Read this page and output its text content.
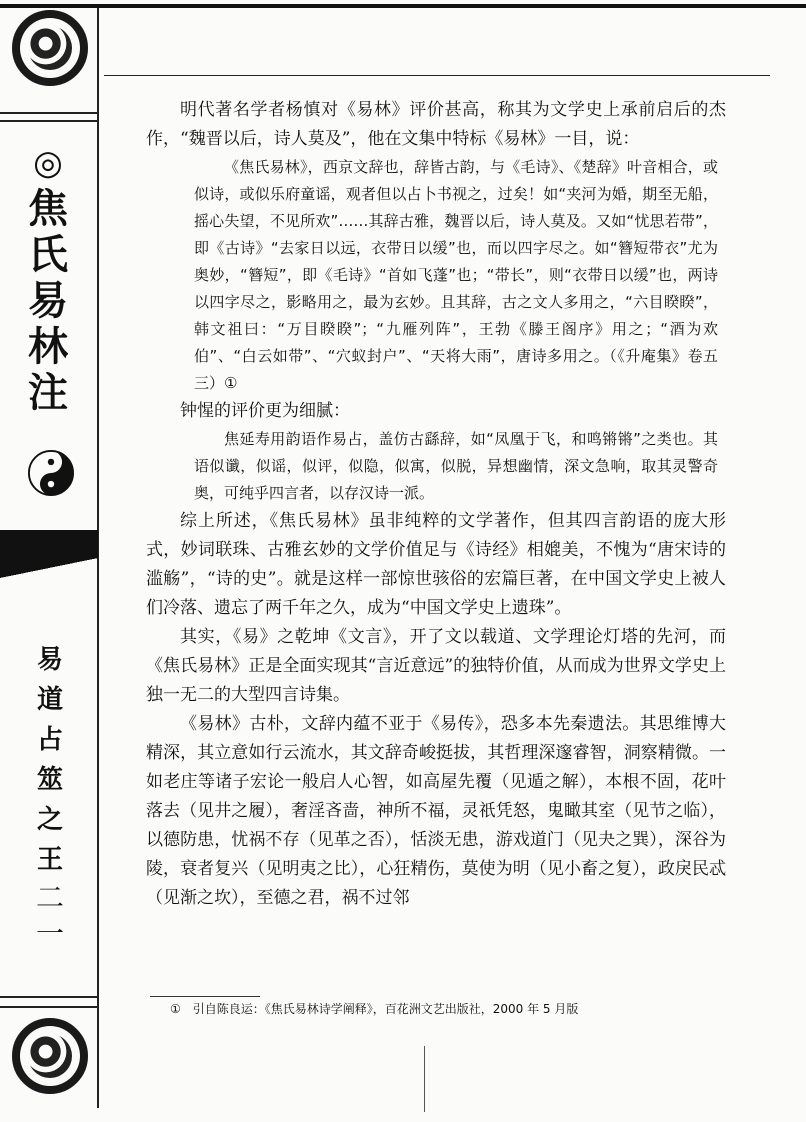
◎
焦
氏
易
林
注
易
道
占
筮
之
王
二一

明代著名学者杨慎对《易林》评价甚高，称其为文学史上承前启后的杰作，“魏晋以后，诗人莫及”，他在文集中特标《易林》一目，说：

《焦氏易林》，西京文辞也，辞皆古韵，与《毛诗》、《楚辞》叶音相合，或似诗，或似乐府童谣，观者但以占卜书视之，过矣！如“夹河为婚，期至无船，摇心失望，不见所欢”……其辞古雅，魏晋以后，诗人莫及。又如“忧思若带”，即《古诗》“去家日以远，衣带日以缓”也，而以四字尽之。如“簪短带衣”尤为奥妙，“簪短”，即《毛诗》“首如飞蓬”也；“带长”，则“衣带日以缓”也，两诗以四字尽之，影略用之，最为玄妙。且其辞，古之文人多用之，“六目睽睽”，韩文祖曰：“万目睽睽”；“九雁列阵”，王勃《滕王阁序》用之；“酒为欢伯”、“白云如带”、“穴蚁封户”、“天将大雨”，唐诗多用之。（《升庵集》卷五三）①

钟惺的评价更为细腻：

焦延寿用韵语作易占，盖仿古繇辞，如“凤凰于飞，和鸣锵锵”之类也。其语似谶，似谣，似评，似隐，似寓，似脱，异想幽情，深文急响，取其灵警奇奥，可纯乎四言者，以存汉诗一派。

综上所述，《焦氏易林》虽非纯粹的文学著作，但其四言韵语的庞大形式，妙词联珠、古雅玄妙的文学价值足与《诗经》相媲美，不愧为“唐宋诗的滥觞”，“诗的史”。就是这样一部惊世骇俗的宏篇巨著，在中国文学史上被人们冷落、遗忘了两千年之久，成为“中国文学史上遗珠”。

其实，《易》之乾坤《文言》，开了文以载道、文学理论灯塔的先河，而《焦氏易林》正是全面实现其“言近意远”的独特价值，从而成为世界文学史上独一无二的大型四言诗集。

《易林》古朴，文辞内蕴不亚于《易传》，恐多本先秦遗法。其思维博大精深，其立意如行云流水，其文辞奇峻挺拔，其哲理深邃睿智，洞察精微。一如老庄等诸子宏论一般启人心智，如高屋先覆（见遁之解），本根不固，花叶落去（见井之履），奢淫吝啬，神所不福，灵祇凭怒，鬼瞰其室（见节之临），以德防患，忧祸不存（见革之否），恬淡无患，游戏道门（见夬之巽），深谷为陵，衰者复兴（见明夷之比），心狂精伤，莫使为明（见小畜之复），政戾民忒（见渐之坎），至德之君，祸不过邻

①　引自陈良运：《焦氏易林诗学阐释》，百花洲文艺出版社，2000 年 5 月版
